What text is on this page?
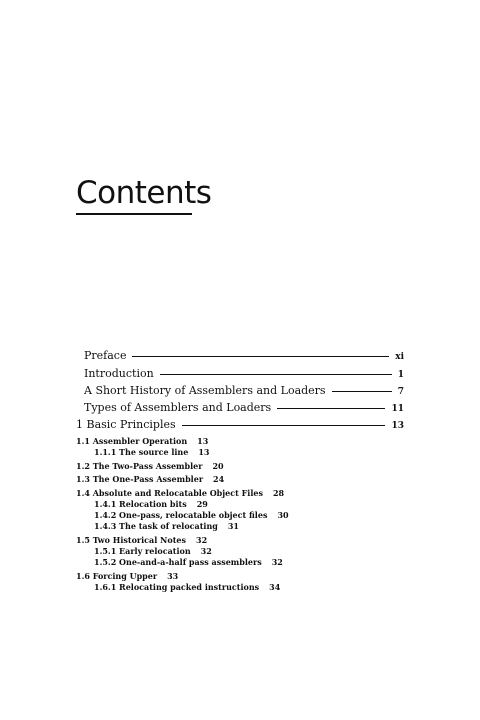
Contents
Preface	xi
Introduction	1
A Short History of Assemblers and Loaders	7
Types of Assemblers and Loaders	11
1 Basic Principles	13
1.1 Assembler Operation 13
1.1.1 The source line 13
1.2 The Two-Pass Assembler 20
1.3 The One-Pass Assembler 24
1.4 Absolute and Relocatable Object Files 28
1.4.1 Relocation bits 29
1.4.2 One-pass, relocatable object files 30
1.4.3 The task of relocating 31
1.5 Two Historical Notes 32
1.5.1 Early relocation 32
1.5.2 One-and-a-half pass assemblers 32
1.6 Forcing Upper 33
1.6.1 Relocating packed instructions 34
